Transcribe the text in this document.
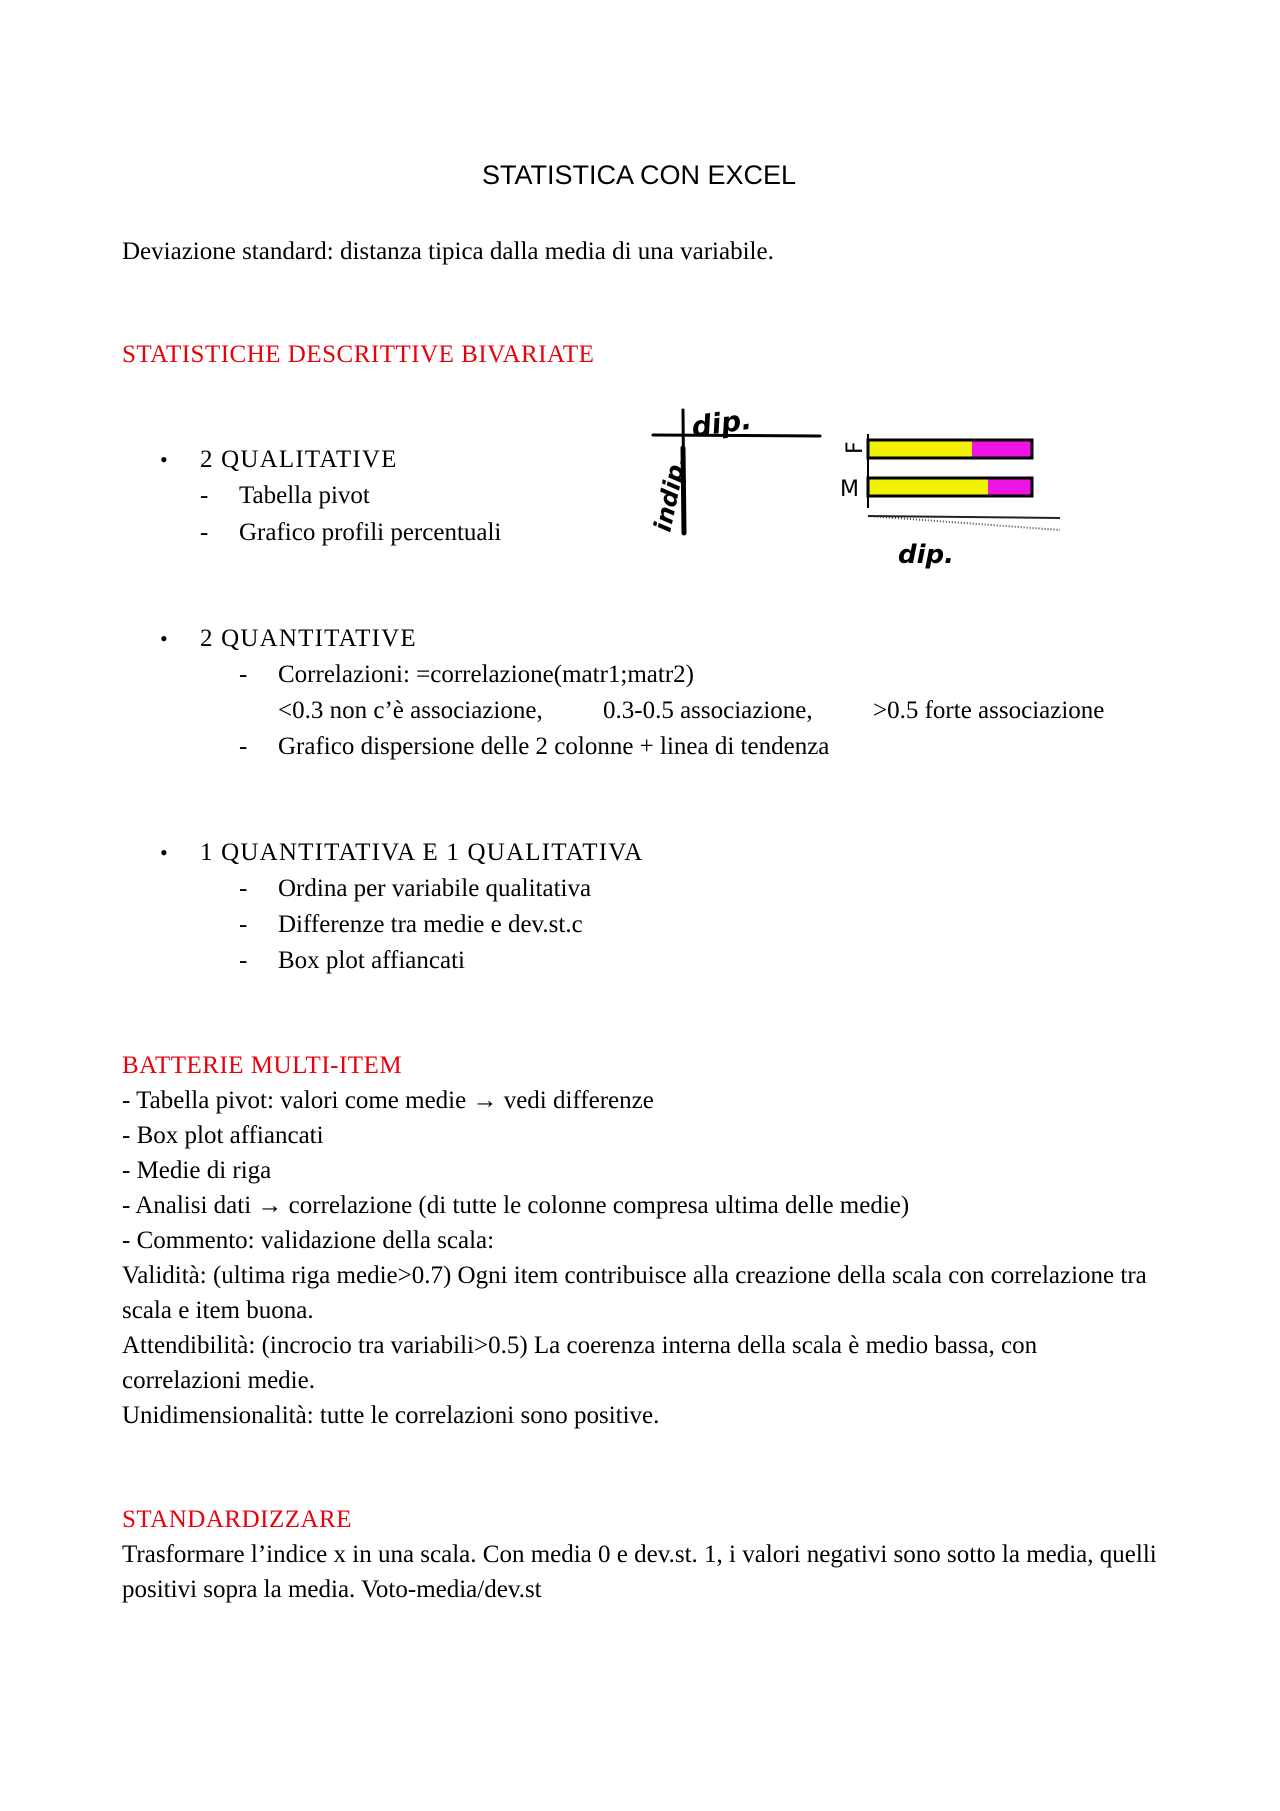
STATISTICA CON EXCEL
Deviazione standard: distanza tipica dalla media di una variabile.
STATISTICHE DESCRITTIVE BIVARIATE
• 2 QUALITATIVE
- Tabella pivot
- Grafico profili percentuali
dip.
indip.
F
M
dip.
• 2 QUANTITATIVE
- Correlazioni: =correlazione(matr1;matr2)
<0.3 non c’è associazione, 0.3-0.5 associazione, >0.5 forte associazione
- Grafico dispersione delle 2 colonne + linea di tendenza
• 1 QUANTITATIVA E 1 QUALITATIVA
- Ordina per variabile qualitativa
- Differenze tra medie e dev.st.c
- Box plot affiancati
BATTERIE MULTI-ITEM
- Tabella pivot: valori come medie → vedi differenze
- Box plot affiancati
- Medie di riga
- Analisi dati → correlazione (di tutte le colonne compresa ultima delle medie)
- Commento: validazione della scala:
Validità: (ultima riga medie>0.7) Ogni item contribuisce alla creazione della scala con correlazione tra scala e item buona.
Attendibilità: (incrocio tra variabili>0.5) La coerenza interna della scala è medio bassa, con correlazioni medie.
Unidimensionalità: tutte le correlazioni sono positive.
STANDARDIZZARE
Trasformare l’indice x in una scala. Con media 0 e dev.st. 1, i valori negativi sono sotto la media, quelli positivi sopra la media. Voto-media/dev.st
